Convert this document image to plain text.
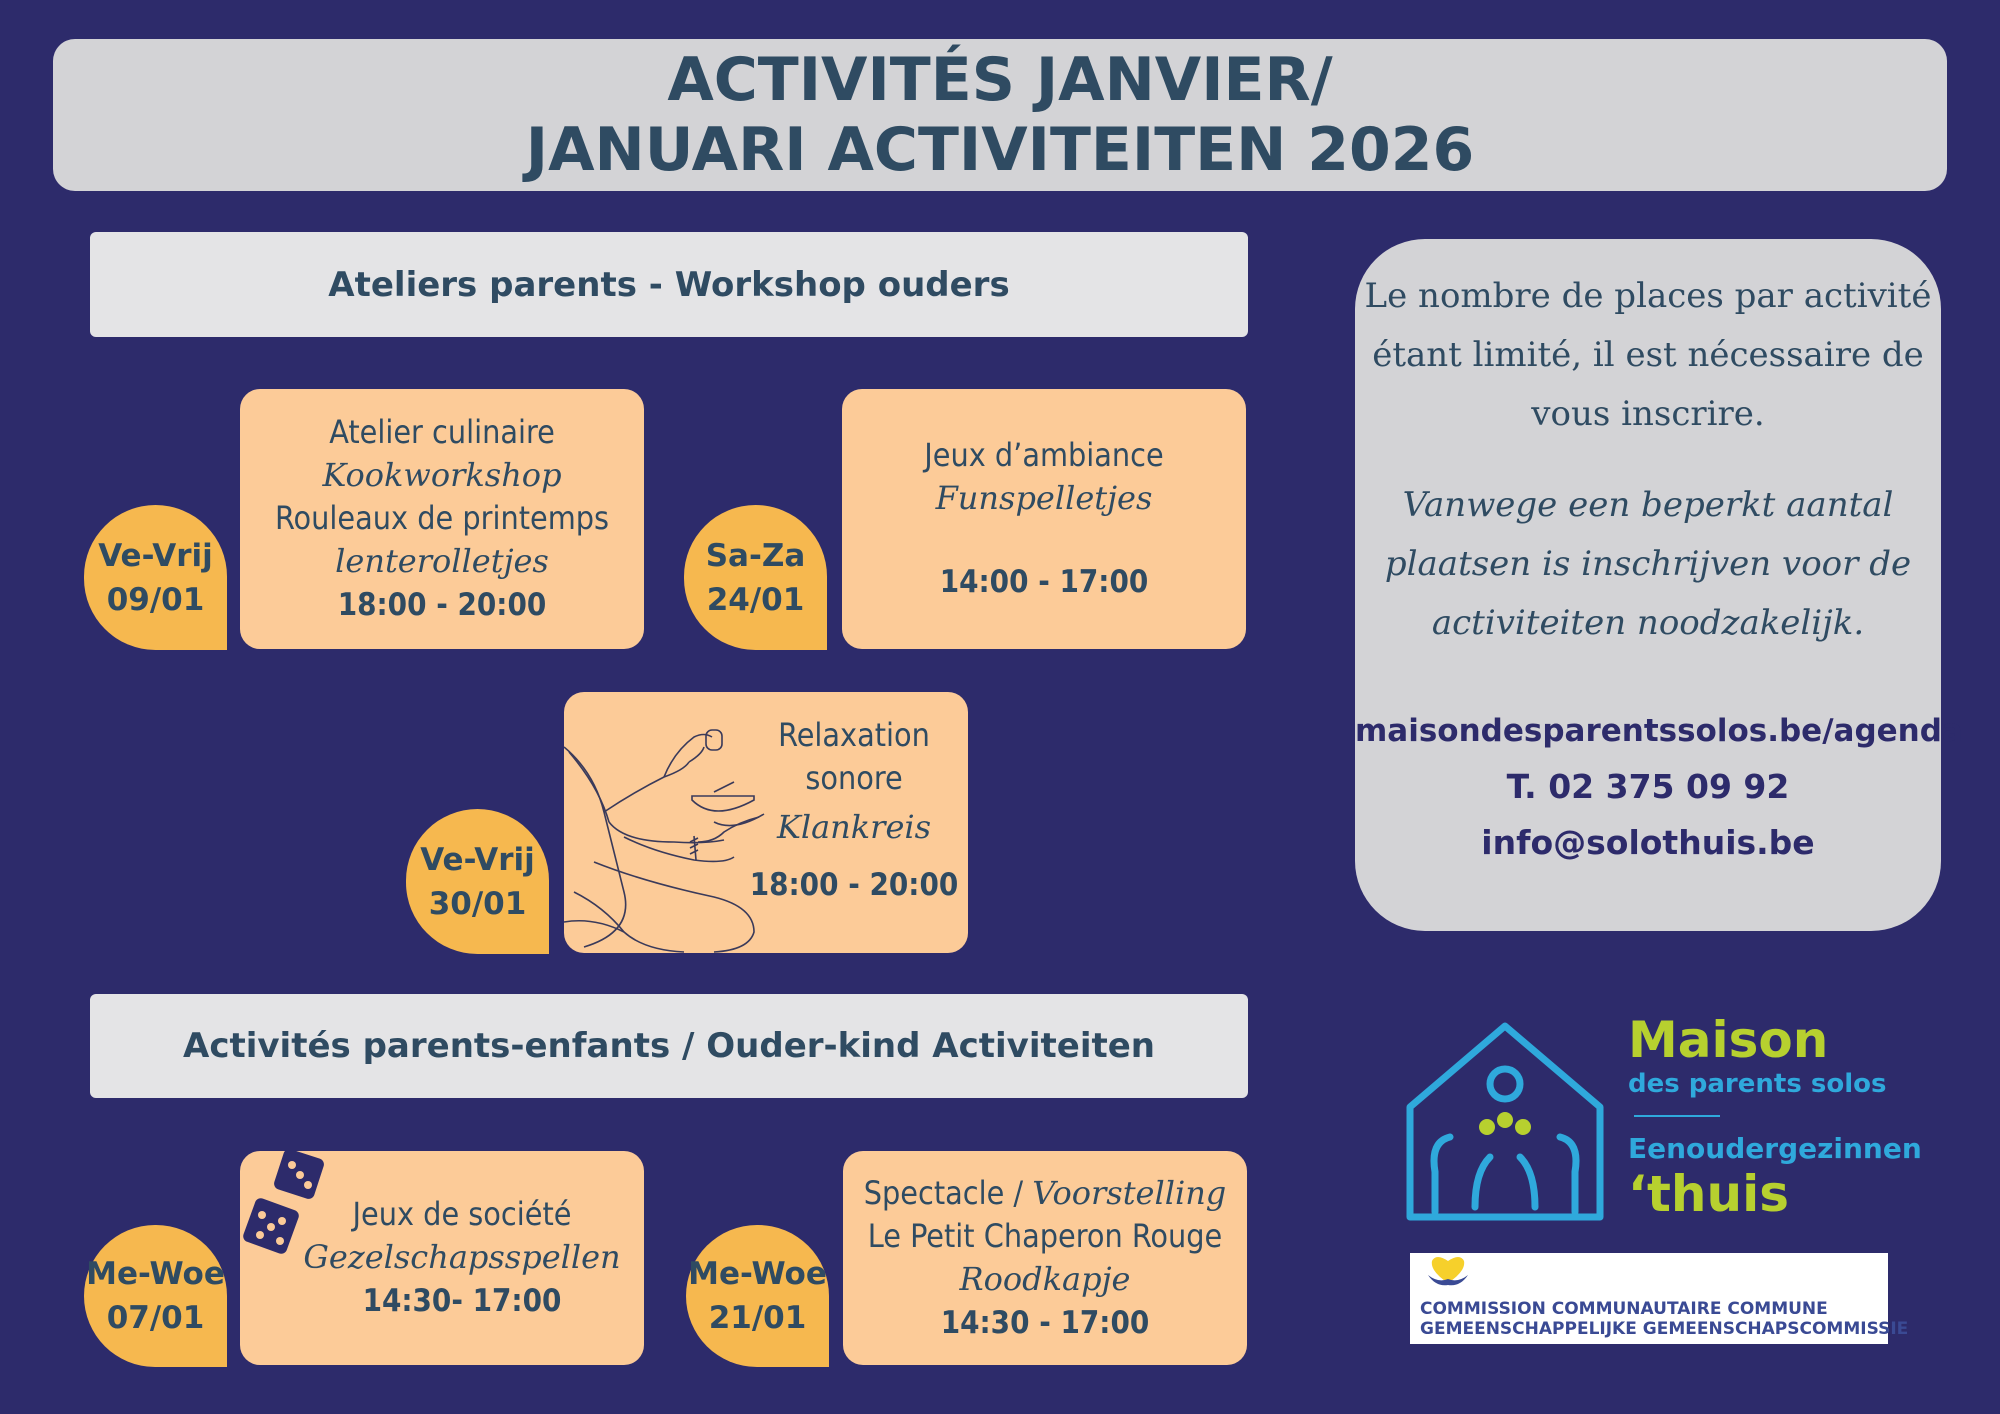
ACTIVITÉS JANVIER/
JANUARI ACTIVITEITEN 2026
Ateliers parents - Workshop ouders
Ve-Vrij
09/01
Atelier culinaire
Kookworkshop
Rouleaux de printemps
lenterolletjes
18:00 - 20:00
Sa-Za
24/01
Jeux d’ambiance
Funspelletjes
14:00 - 17:00
Ve-Vrij
30/01
Relaxation
sonore
Klankreis
18:00 - 20:00
Activités parents-enfants / Ouder-kind Activiteiten
Me-Woe
07/01
Jeux de société
Gezelschapsspellen
14:30- 17:00
Me-Woe
21/01
Spectacle / Voorstelling
Le Petit Chaperon Rouge
Roodkapje
14:30 - 17:00
Le nombre de places par activité
étant limité, il est nécessaire de
vous inscrire.
Vanwege een beperkt aantal
plaatsen is inschrijven voor de
activiteiten noodzakelijk.
maisondesparentssolos.be/agenda
T. 02 375 09 92
info@solothuis.be
Maison
des parents solos
Eenoudergezinnen
‘thuis
COMMISSION COMMUNAUTAIRE COMMUNE
GEMEENSCHAPPELIJKE GEMEENSCHAPSCOMMISSIE
